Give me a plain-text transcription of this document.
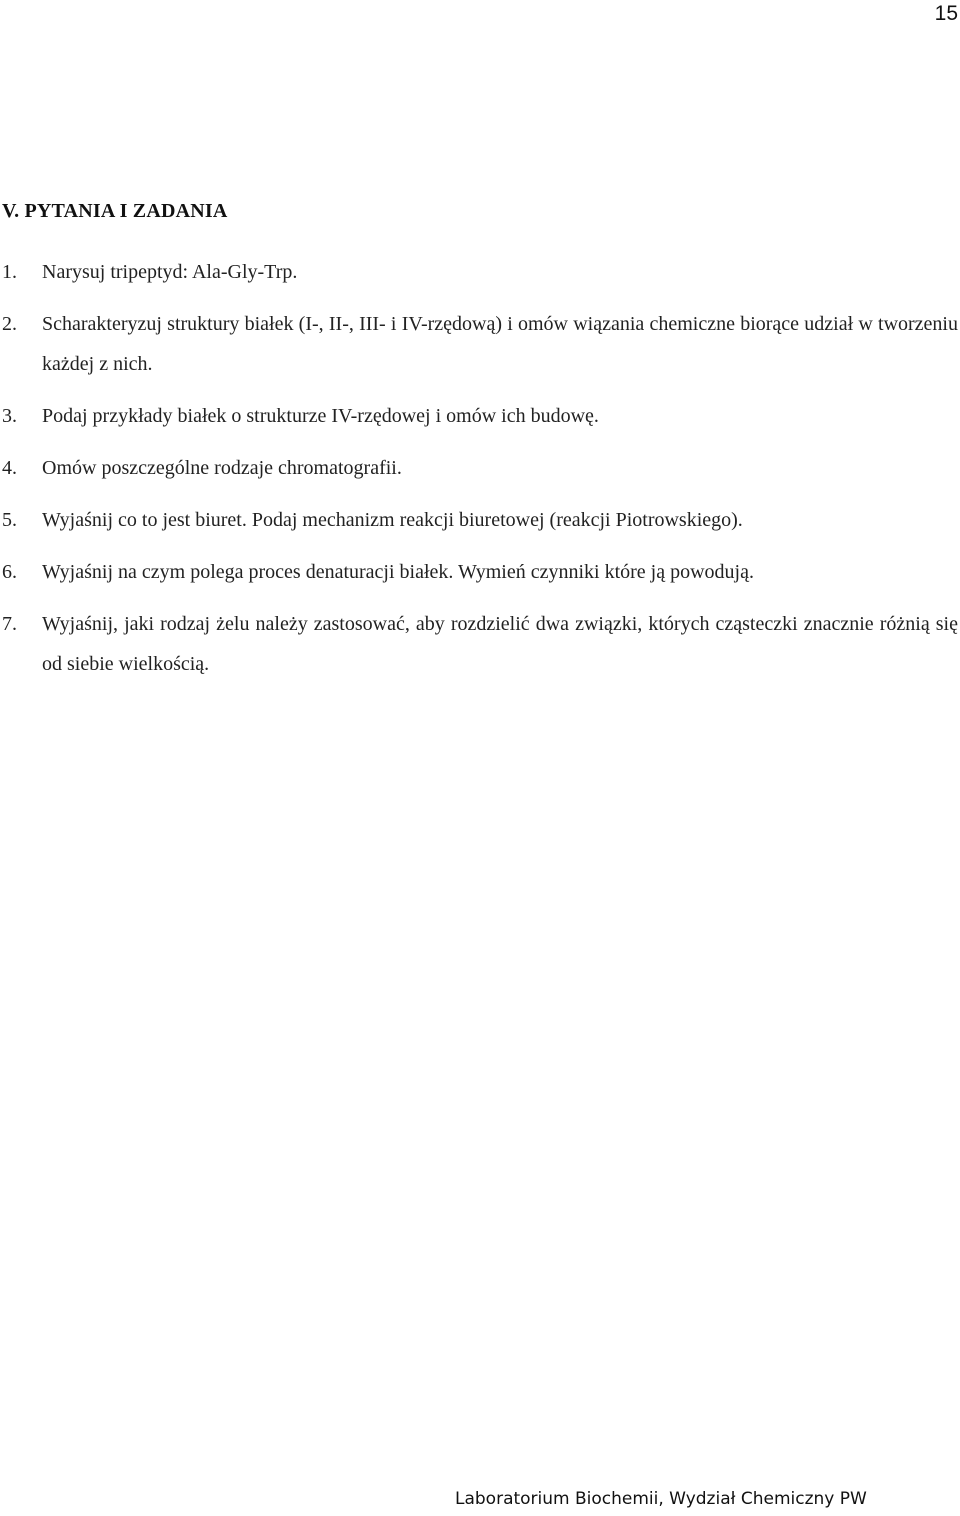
15
V. PYTANIA I ZADANIA
1. Narysuj tripeptyd: Ala-Gly-Trp.
2. Scharakteryzuj struktury białek (I-, II-, III- i IV-rzędową) i omów wiązania chemiczne biorące udział w tworzeniu każdej z nich.
3. Podaj przykłady białek o strukturze IV-rzędowej i omów ich budowę.
4. Omów poszczególne rodzaje chromatografii.
5. Wyjaśnij co to jest biuret. Podaj mechanizm reakcji biuretowej (reakcji Piotrowskiego).
6. Wyjaśnij na czym polega proces denaturacji białek. Wymień czynniki które ją powodują.
7. Wyjaśnij, jaki rodzaj żelu należy zastosować, aby rozdzielić dwa związki, których cząsteczki znacznie różnią się od siebie wielkością.
Laboratorium Biochemii, Wydział Chemiczny PW
